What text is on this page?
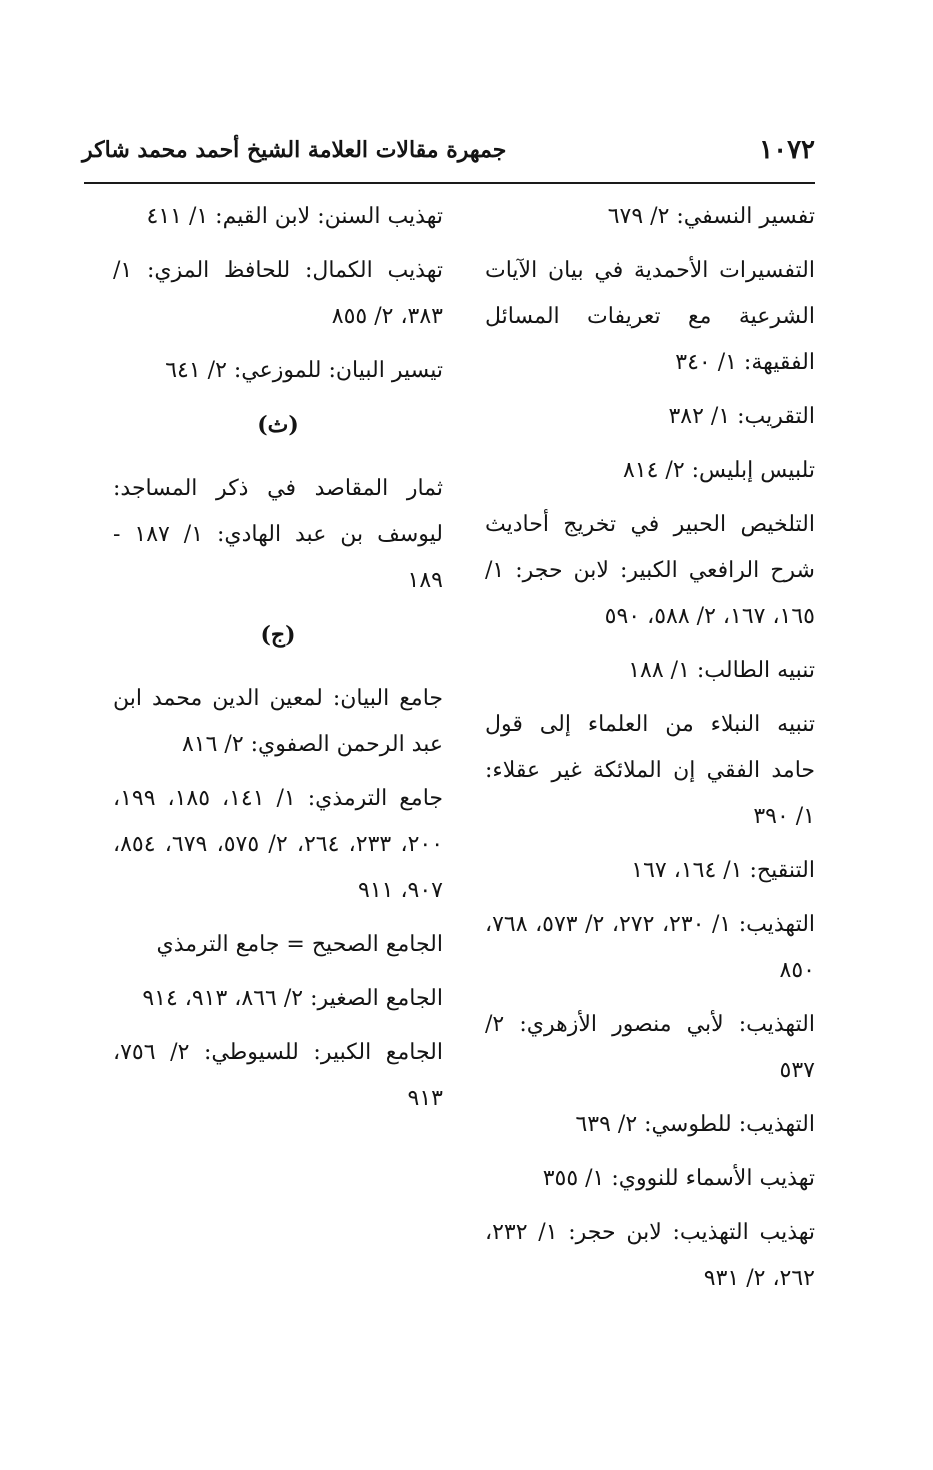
١٠٧٢
جمهرة مقالات العلامة الشيخ أحمد محمد شاكر
تفسير النسفي: ٢/ ٦٧٩
التفسيرات الأحمدية في بيان الآيات الشرعية مع تعريفات المسائل الفقيهة: ١/ ٣٤٠
التقريب: ١/ ٣٨٢
تلبيس إبليس: ٢/ ٨١٤
التلخيص الحبير في تخريج أحاديث شرح الرافعي الكبير: لابن حجر: ١/ ١٦٥، ١٦٧، ٢/ ٥٨٨، ٥٩٠
تنبيه الطالب: ١/ ١٨٨
تنبيه النبلاء من العلماء إلى قول حامد الفقي إن الملائكة غير عقلاء: ١/ ٣٩٠
التنقيح: ١/ ١٦٤، ١٦٧
التهذيب: ١/ ٢٣٠، ٢٧٢، ٢/ ٥٧٣، ٧٦٨، ٨٥٠
التهذيب: لأبي منصور الأزهري: ٢/ ٥٣٧
التهذيب: للطوسي: ٢/ ٦٣٩
تهذيب الأسماء للنووي: ١/ ٣٥٥
تهذيب التهذيب: لابن حجر: ١/ ٢٣٢، ٢٦٢، ٢/ ٩٣١
تهذيب السنن: لابن القيم: ١/ ٤١١
تهذيب الكمال: للحافظ المزي: ١/ ٣٨٣، ٢/ ٨٥٥
تيسير البيان: للموزعي: ٢/ ٦٤١
(ث)
ثمار المقاصد في ذكر المساجد: ليوسف بن عبد الهادي: ١/ ١٨٧ - ١٨٩
(ج)
جامع البيان: لمعين الدين محمد ابن عبد الرحمن الصفوي: ٢/ ٨١٦
جامع الترمذي: ١/ ١٤١، ١٨٥، ١٩٩، ٢٠٠، ٢٣٣، ٢٦٤، ٢/ ٥٧٥، ٦٧٩، ٨٥٤، ٩٠٧، ٩١١
الجامع الصحيح = جامع الترمذي
الجامع الصغير: ٢/ ٨٦٦، ٩١٣، ٩١٤
الجامع الكبير: للسيوطي: ٢/ ٧٥٦، ٩١٣
